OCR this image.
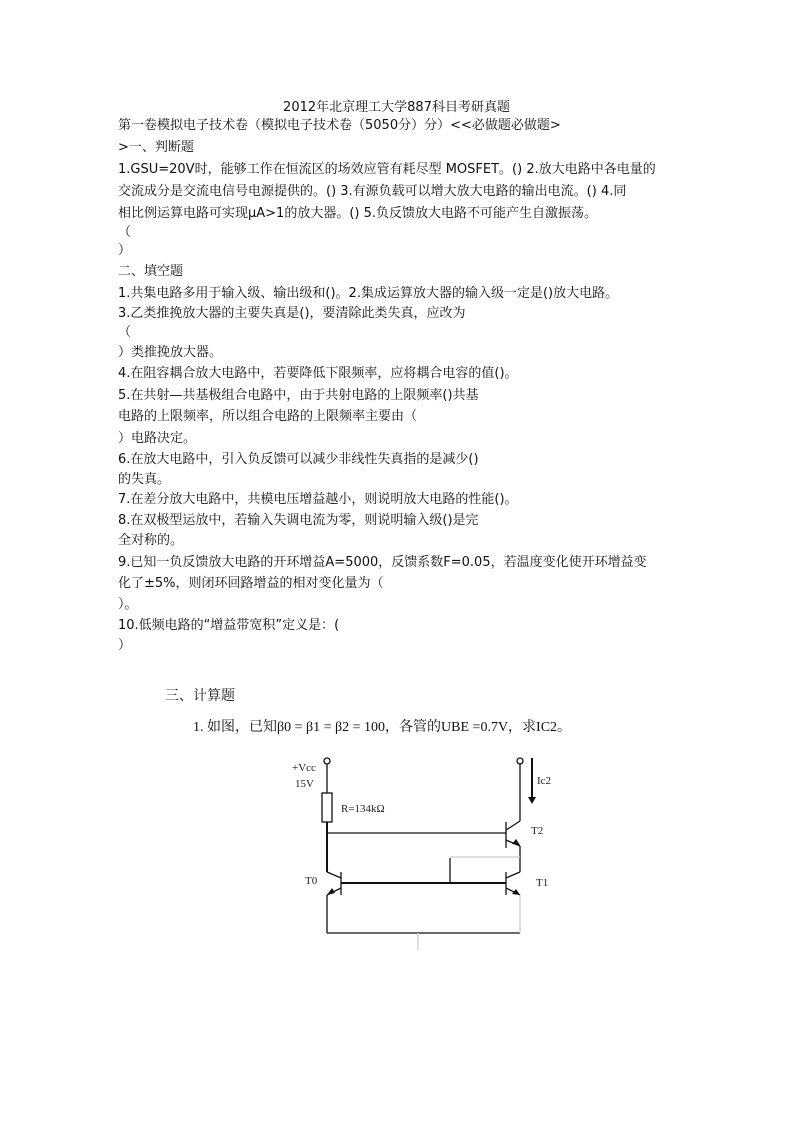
2012年北京理工大学887科目考研真题
第一卷模拟电子技术卷（模拟电子技术卷（5050分）分）<<必做题必做题>
>一、判断题
1.GSU=20V时，能够工作在恒流区的场效应管有耗尽型 MOSFET。() 2.放大电路中各电量的
交流成分是交流电信号电源提供的。() 3.有源负载可以增大放大电路的输出电流。() 4.同
相比例运算电路可实现μA>1的放大器。() 5.负反馈放大电路不可能产生自激振荡。
（
）
二、填空题
1.共集电路多用于输入级、输出级和()。2.集成运算放大器的输入级一定是()放大电路。
3.乙类推挽放大器的主要失真是()，要清除此类失真，应改为
（
）类推挽放大器。
4.在阻容耦合放大电路中，若要降低下限频率，应将耦合电容的值()。
5.在共射—共基极组合电路中，由于共射电路的上限频率()共基
电路的上限频率，所以组合电路的上限频率主要由（
）电路决定。
6.在放大电路中，引入负反馈可以减少非线性失真指的是减少()
的失真。
7.在差分放大电路中，共模电压增益越小，则说明放大电路的性能()。
8.在双极型运放中，若输入失调电流为零，则说明输入级()是完
全对称的。
9.已知一负反馈放大电路的开环增益A=5000，反馈系数F=0.05，若温度变化使开环增益变
化了±5%，则闭环回路增益的相对变化量为（
）。
10.低频电路的“增益带宽积”定义是：(
）
三、计算题
1. 如图，已知β0 = β1 = β2 = 100，各管的UBE =0.7V，求IC2。
+Vcc
15V
R=134kΩ
Ic2
T2
T0	T1
